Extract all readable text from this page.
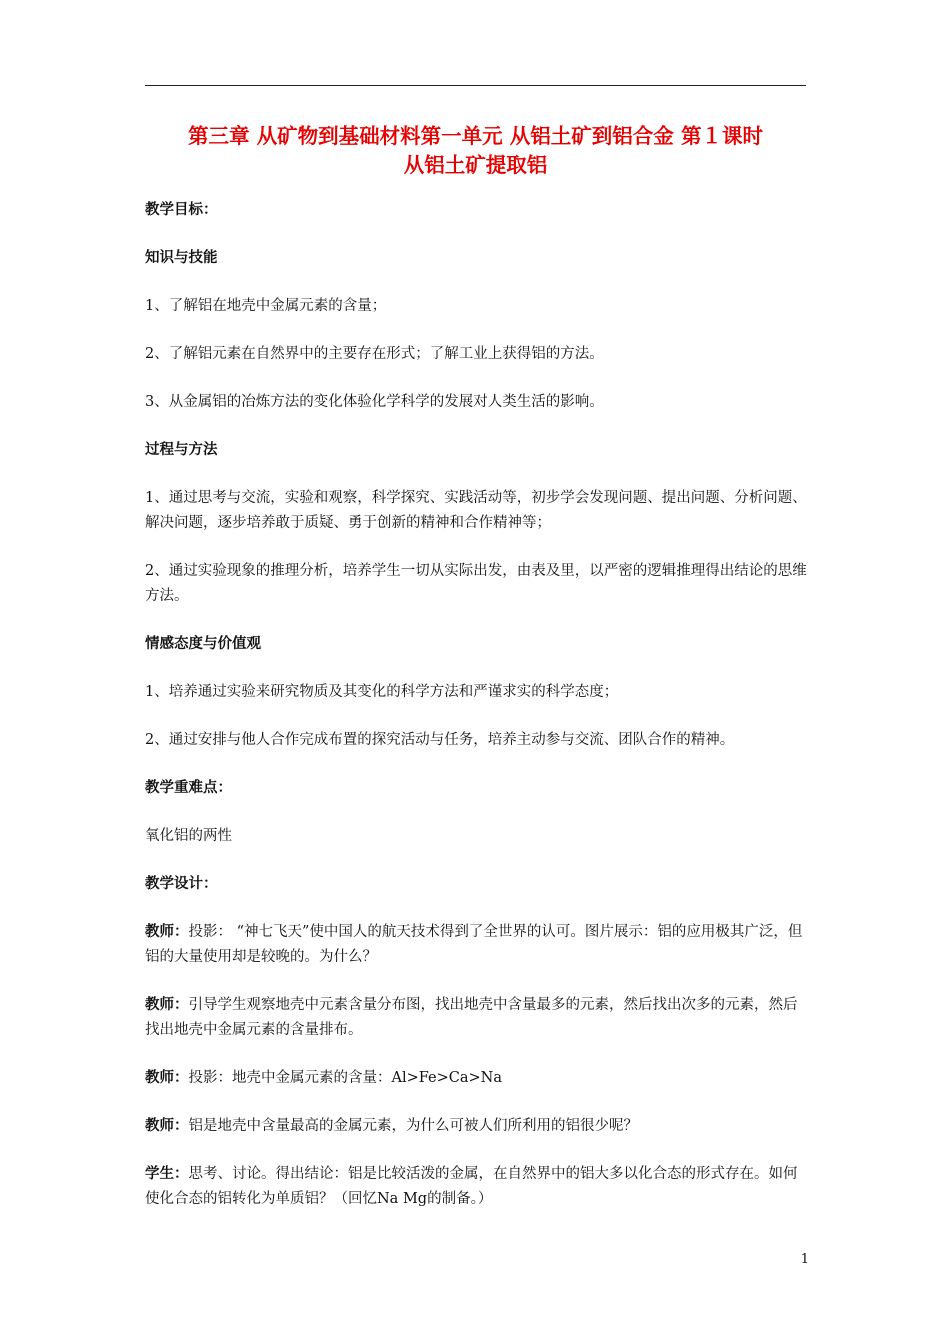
第三章 从矿物到基础材料第一单元 从铝土矿到铝合金 第１课时
从铝土矿提取铝

教学目标：

知识与技能

1、了解铝在地壳中金属元素的含量；

2、了解铝元素在自然界中的主要存在形式；了解工业上获得铝的方法。

3、从金属铝的冶炼方法的变化体验化学科学的发展对人类生活的影响。

过程与方法

1、通过思考与交流，实验和观察，科学探究、实践活动等，初步学会发现问题、提出问题、分析问题、解决问题，逐步培养敢于质疑、勇于创新的精神和合作精神等；

2、通过实验现象的推理分析，培养学生一切从实际出发，由表及里，以严密的逻辑推理得出结论的思维方法。

情感态度与价值观

1、培养通过实验来研究物质及其变化的科学方法和严谨求实的科学态度；

2、通过安排与他人合作完成布置的探究活动与任务，培养主动参与交流、团队合作的精神。

教学重难点：

氧化铝的两性

教学设计：

教师：投影： “神七飞天”使中国人的航天技术得到了全世界的认可。图片展示：铝的应用极其广泛，但铝的大量使用却是较晚的。为什么？

教师：引导学生观察地壳中元素含量分布图，找出地壳中含量最多的元素，然后找出次多的元素，然后找出地壳中金属元素的含量排布。

教师：投影：地壳中金属元素的含量：Al>Fe>Ca>Na

教师：铝是地壳中含量最高的金属元素，为什么可被人们所利用的铝很少呢？

学生：思考、讨论。得出结论：铝是比较活泼的金属，在自然界中的铝大多以化合态的形式存在。如何使化合态的铝转化为单质铝？（回忆Na Mg的制备。）

1
